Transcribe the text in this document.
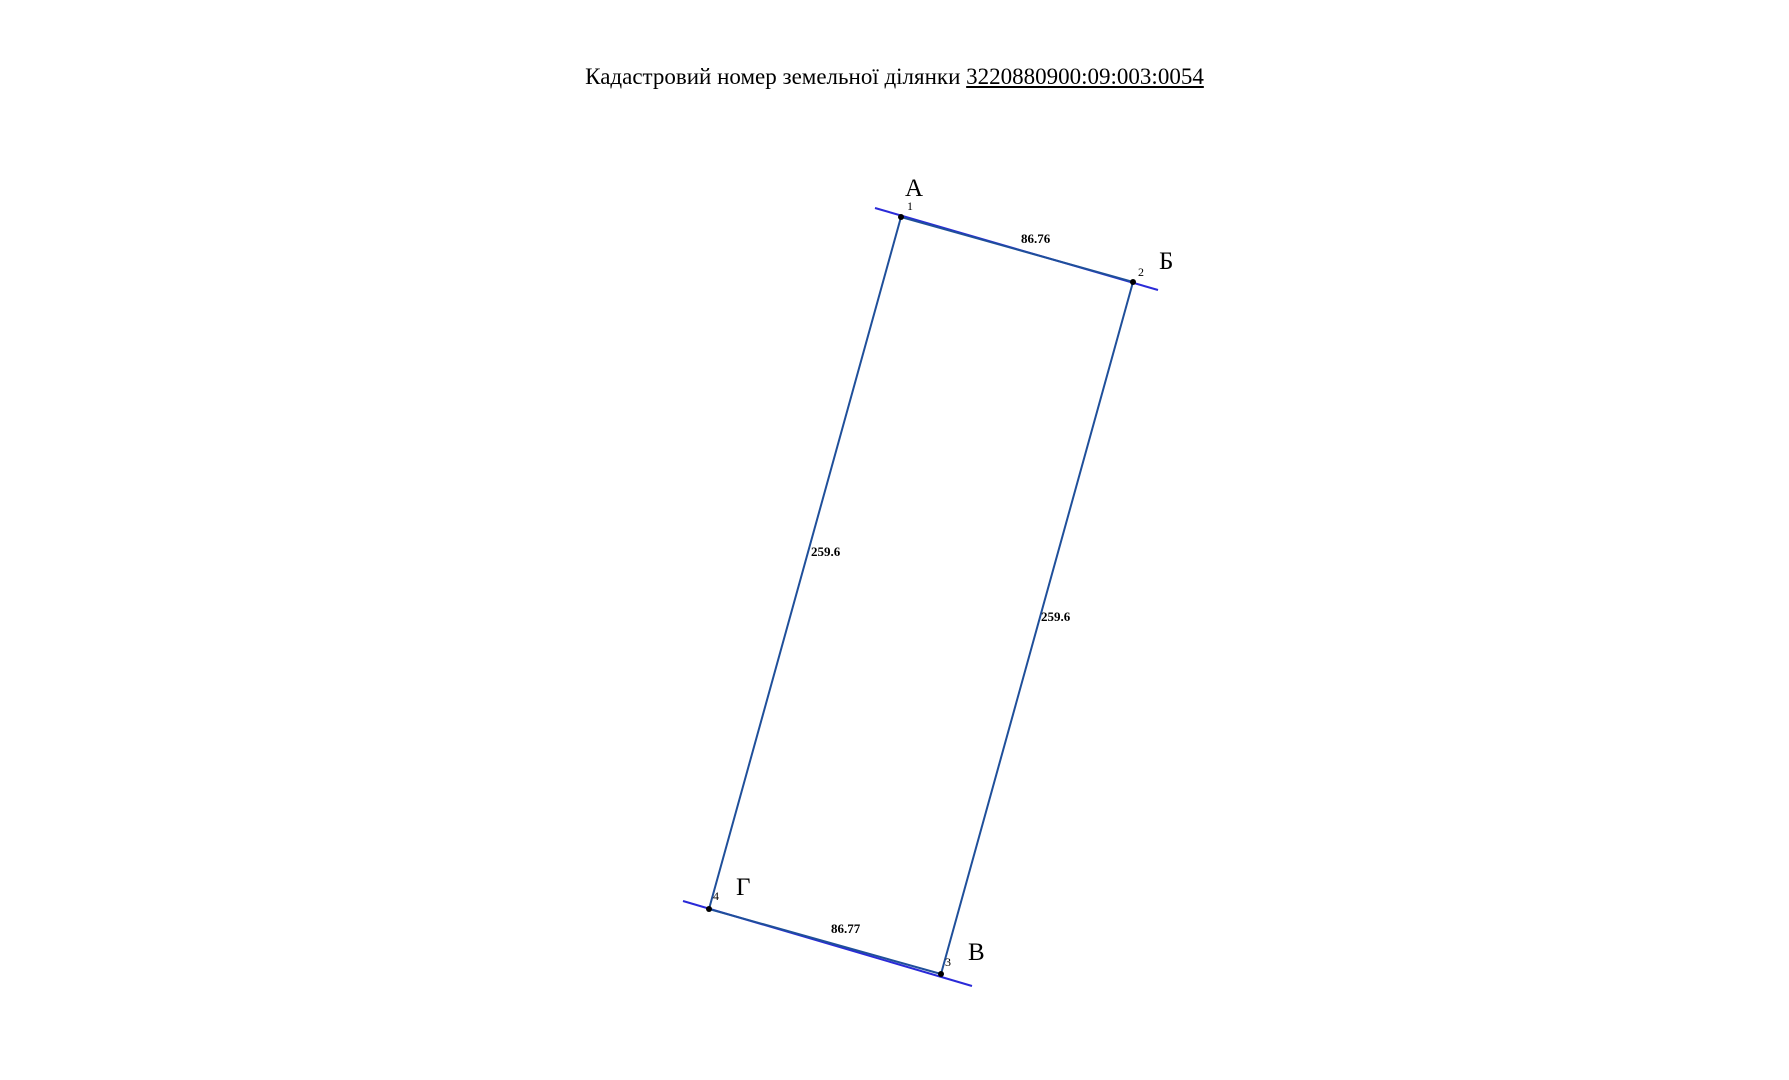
Кадастровий номер земельної ділянки 3220880900:09:003:0054
А
Б
В
Г
1
2
3
4
86.76
259.6
86.77
259.6
